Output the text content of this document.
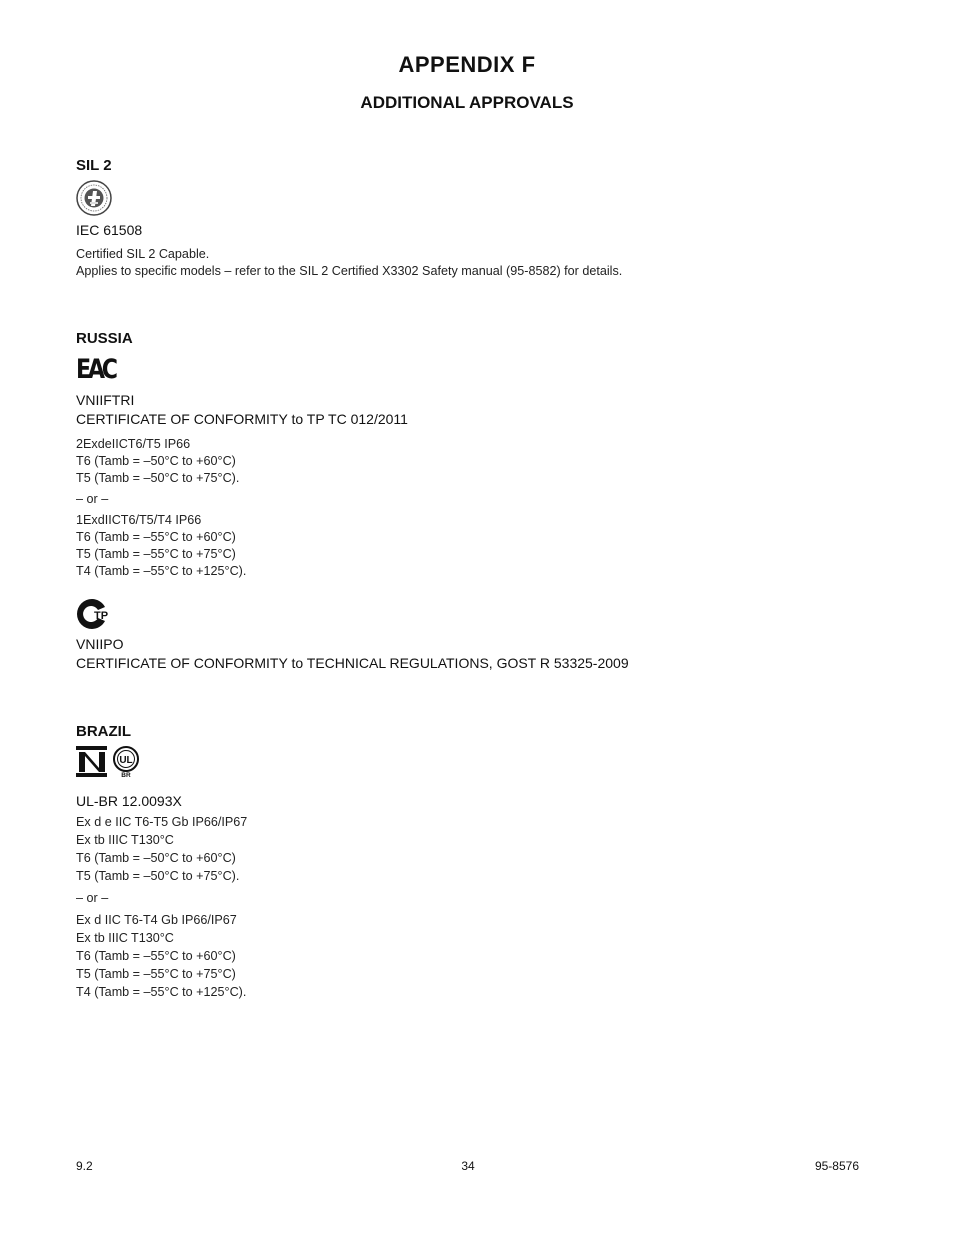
APPENDIX F
ADDITIONAL APPROVALS
SIL 2
IEC 61508
Certified SIL 2 Capable.
Applies to specific models – refer to the SIL 2 Certified X3302 Safety manual (95-8582) for details.
RUSSIA
EAC
VNIIFTRI
CERTIFICATE OF CONFORMITY to TP TC 012/2011
2ExdeIICT6/T5 IP66
T6 (Tamb = –50°C to +60°C)
T5 (Tamb = –50°C to +75°C).
– or –
1ExdIICT6/T5/T4 IP66
T6 (Tamb = –55°C to +60°C)
T5 (Tamb = –55°C to +75°C)
T4 (Tamb = –55°C to +125°C).
TP
VNIIPO
CERTIFICATE OF CONFORMITY to TECHNICAL REGULATIONS, GOST R 53325-2009
BRAZIL
UL
BR
UL-BR 12.0093X
Ex d e IIC T6-T5 Gb IP66/IP67
Ex tb IIIC T130°C
T6 (Tamb = –50°C to +60°C)
T5 (Tamb = –50°C to +75°C).
– or –
Ex d IIC T6-T4 Gb IP66/IP67
Ex tb IIIC T130°C
T6 (Tamb = –55°C to +60°C)
T5 (Tamb = –55°C to +75°C)
T4 (Tamb = –55°C to +125°C).
9.2	34	95-8576
